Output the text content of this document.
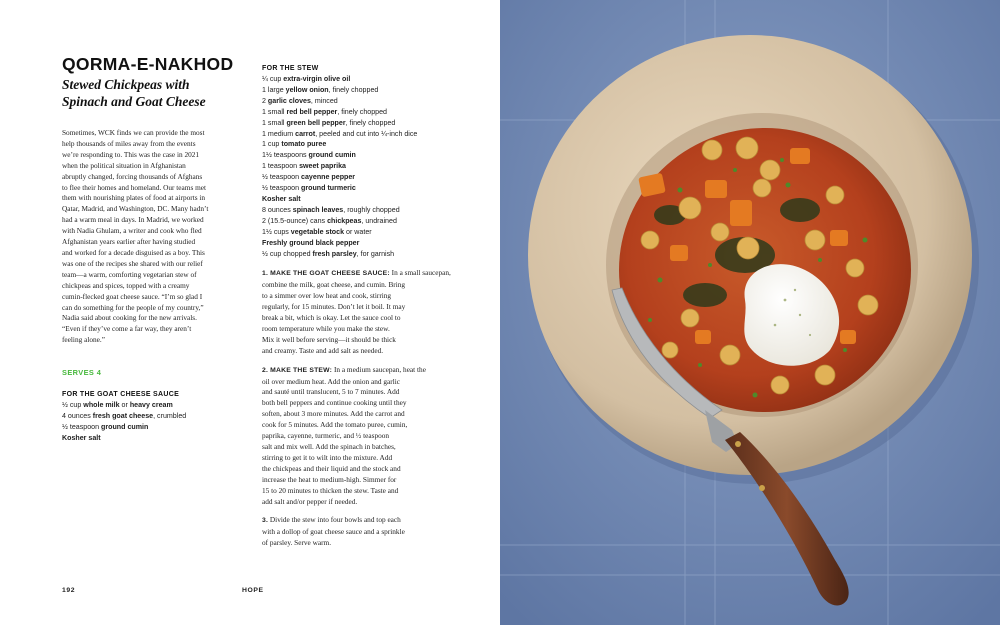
QORMA-E-NAKHOD
Stewed Chickpeas with
Spinach and Goat Cheese
Sometimes, WCK finds we can provide the most
help thousands of miles away from the events
we’re responding to. This was the case in 2021
when the political situation in Afghanistan
abruptly changed, forcing thousands of Afghans
to flee their homes and homeland. Our teams met
them with nourishing plates of food at airports in
Qatar, Madrid, and Washington, DC. Many hadn’t
had a warm meal in days. In Madrid, we worked
with Nadia Ghulam, a writer and cook who fled
Afghanistan years earlier after having studied
and worked for a decade disguised as a boy. This
was one of the recipes she shared with our relief
team—a warm, comforting vegetarian stew of
chickpeas and spices, topped with a creamy
cumin-flecked goat cheese sauce. “I’m so glad I
can do something for the people of my country,”
Nadia said about cooking for the new arrivals.
“Even if they’ve come a far way, they aren’t
feeling alone.”
SERVES 4
FOR THE GOAT CHEESE SAUCE
½ cup whole milk or heavy cream
4 ounces fresh goat cheese, crumbled
½ teaspoon ground cumin
Kosher salt
FOR THE STEW
¼ cup extra-virgin olive oil
1 large yellow onion, finely chopped
2 garlic cloves, minced
1 small red bell pepper, finely chopped
1 small green bell pepper, finely chopped
1 medium carrot, peeled and cut into ¼-inch dice
1 cup tomato puree
1½ teaspoons ground cumin
1 teaspoon sweet paprika
½ teaspoon cayenne pepper
½ teaspoon ground turmeric
Kosher salt
8 ounces spinach leaves, roughly chopped
2 (15.5-ounce) cans chickpeas, undrained
1½ cups vegetable stock or water
Freshly ground black pepper
½ cup chopped fresh parsley, for garnish
1. MAKE THE GOAT CHEESE SAUCE: In a small saucepan,
combine the milk, goat cheese, and cumin. Bring
to a simmer over low heat and cook, stirring
regularly, for 15 minutes. Don’t let it boil. It may
break a bit, which is okay. Let the sauce cool to
room temperature while you make the stew.
Mix it well before serving—it should be thick
and creamy. Taste and add salt as needed.
2. MAKE THE STEW: In a medium saucepan, heat the
oil over medium heat. Add the onion and garlic
and sauté until translucent, 5 to 7 minutes. Add
both bell peppers and continue cooking until they
soften, about 3 more minutes. Add the carrot and
cook for 5 minutes. Add the tomato puree, cumin,
paprika, cayenne, turmeric, and ½ teaspoon
salt and mix well. Add the spinach in batches,
stirring to get it to wilt into the mixture. Add
the chickpeas and their liquid and the stock and
increase the heat to medium-high. Simmer for
15 to 20 minutes to thicken the stew. Taste and
add salt and/or pepper if needed.
3. Divide the stew into four bowls and top each
with a dollop of goat cheese sauce and a sprinkle
of parsley. Serve warm.
192	HOPE
